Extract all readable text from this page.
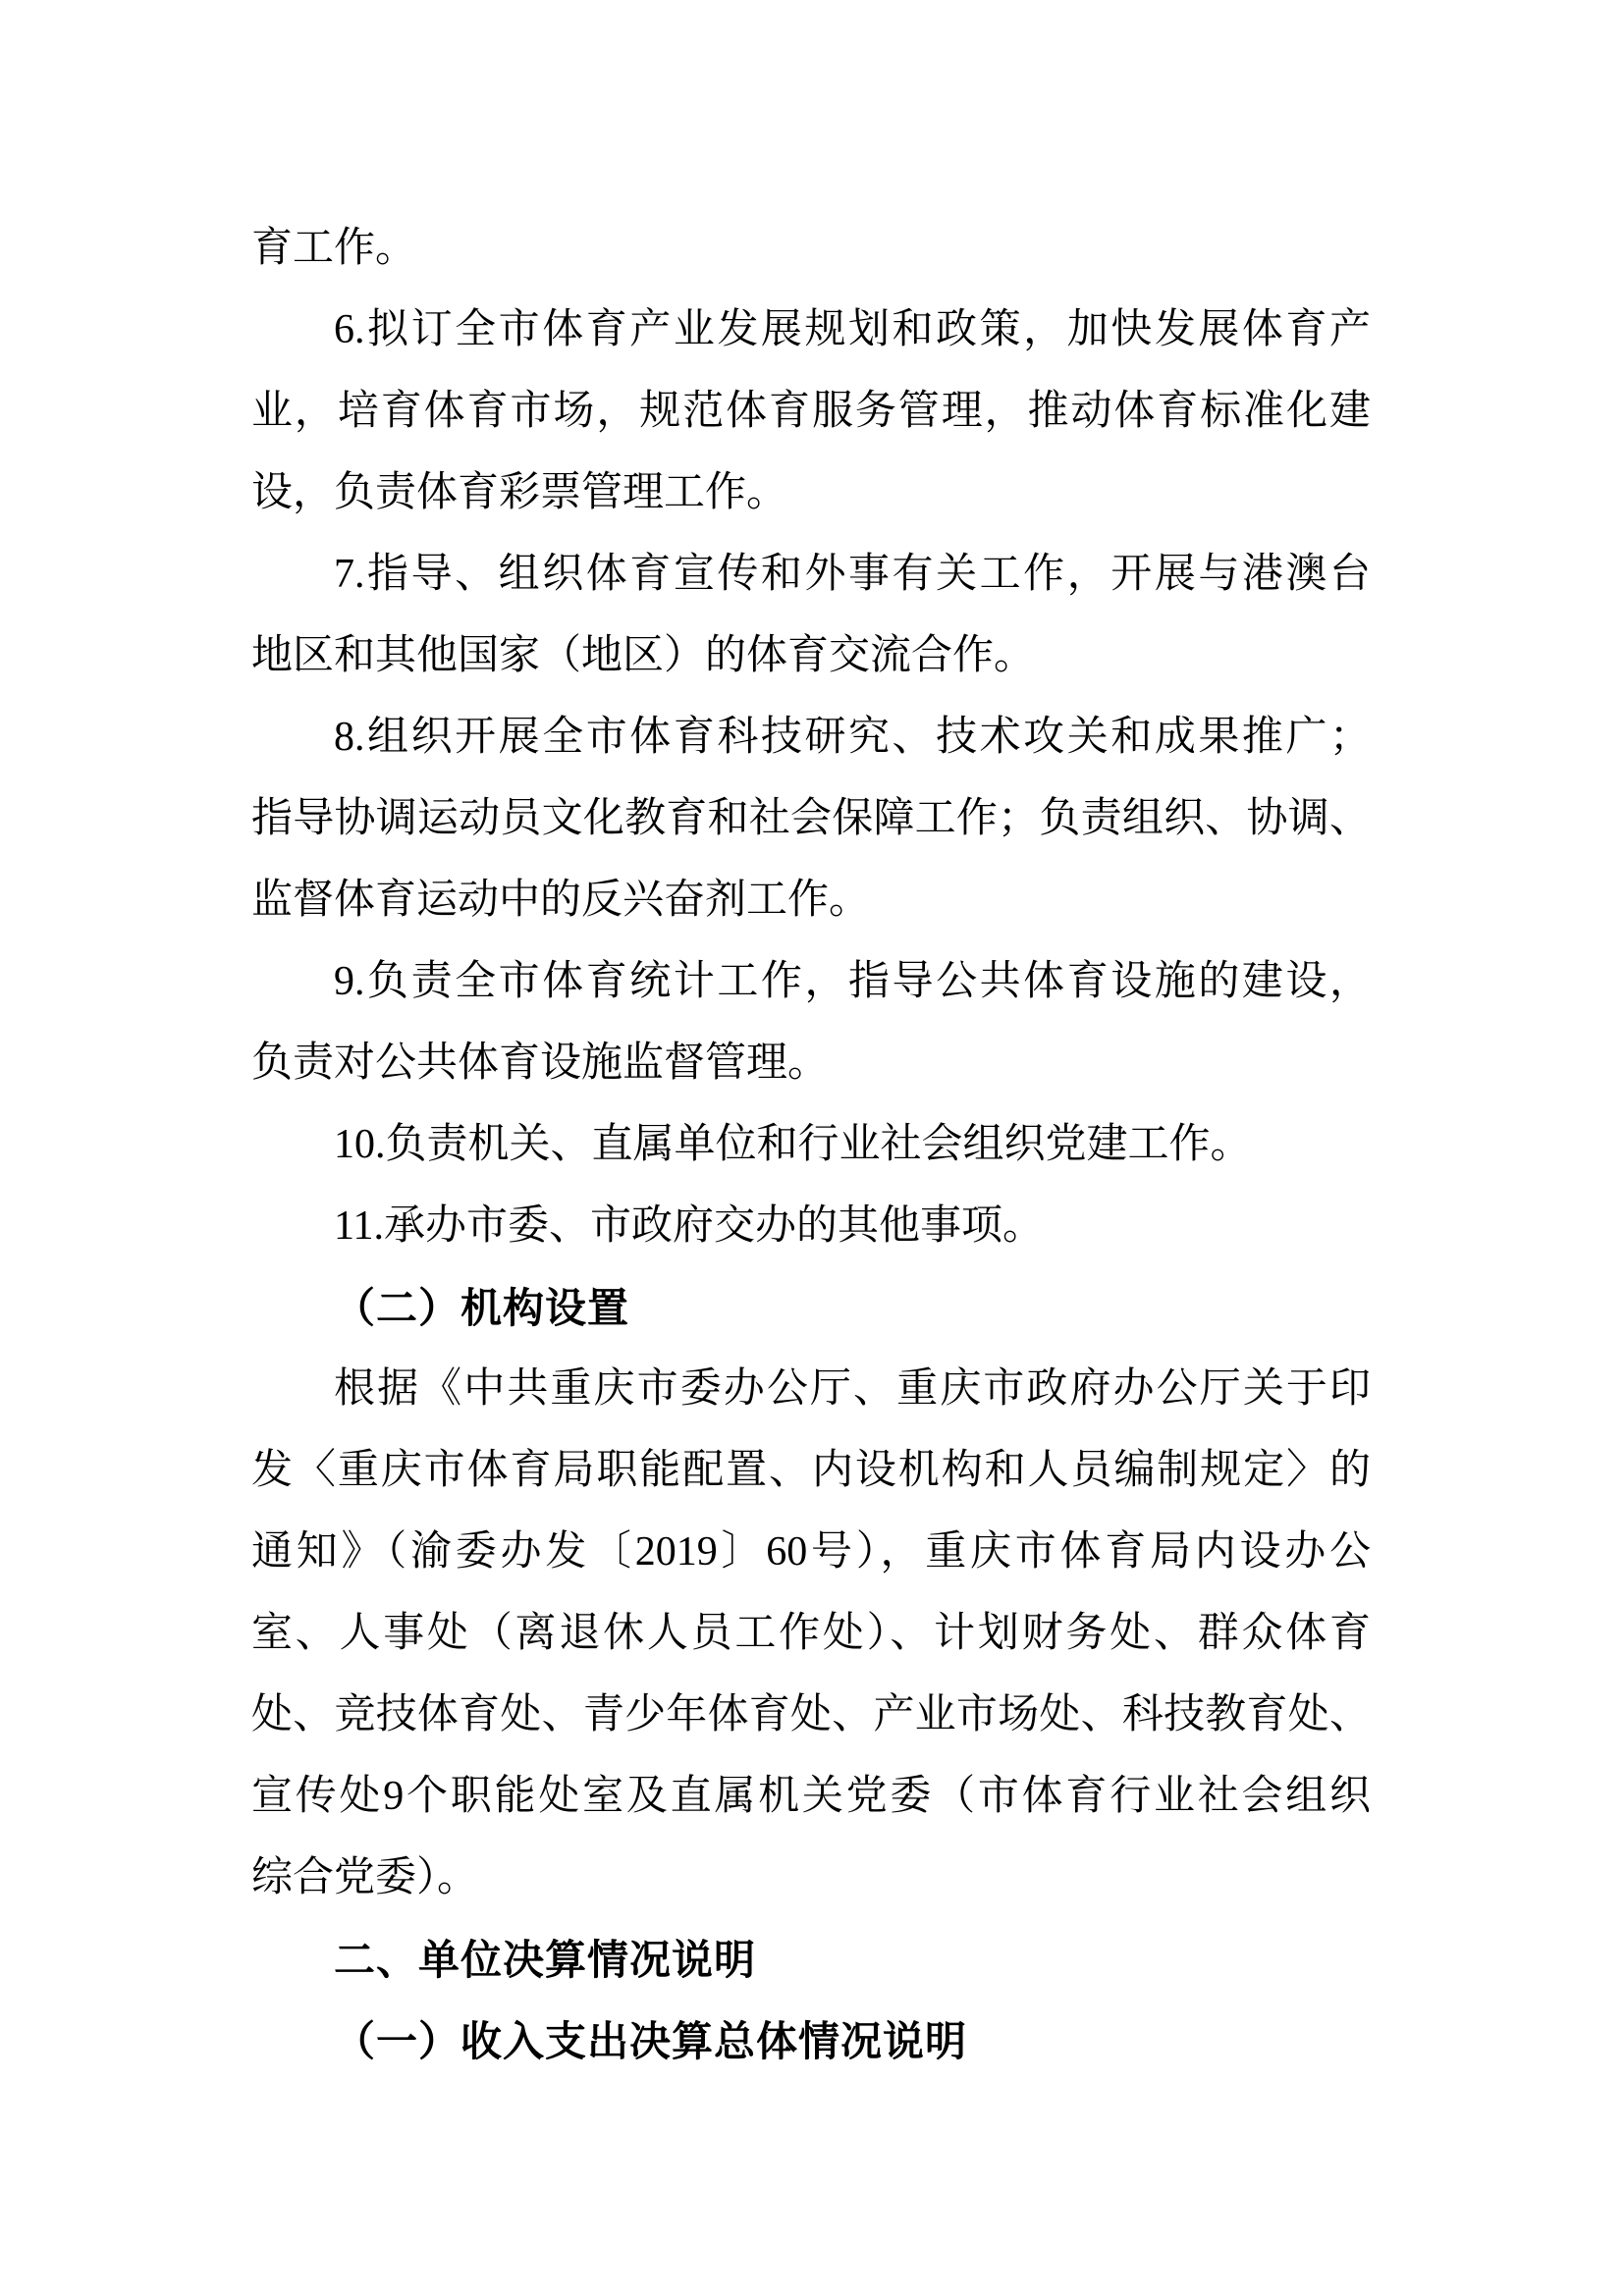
育工作。
6.拟订全市体育产业发展规划和政策，加快发展体育产
业，培育体育市场，规范体育服务管理，推动体育标准化建
设，负责体育彩票管理工作。
7.指导、组织体育宣传和外事有关工作，开展与港澳台
地区和其他国家（地区）的体育交流合作。
8.组织开展全市体育科技研究、技术攻关和成果推广；
指导协调运动员文化教育和社会保障工作；负责组织、协调、
监督体育运动中的反兴奋剂工作。
9.负责全市体育统计工作，指导公共体育设施的建设，
负责对公共体育设施监督管理。
10.负责机关、直属单位和行业社会组织党建工作。
11.承办市委、市政府交办的其他事项。
（二）机构设置
根据《中共重庆市委办公厅、重庆市政府办公厅关于印
发〈重庆市体育局职能配置、内设机构和人员编制规定〉的
通知》（渝委办发〔2019〕60号），重庆市体育局内设办公
室、人事处（离退休人员工作处）、计划财务处、群众体育
处、竞技体育处、青少年体育处、产业市场处、科技教育处、
宣传处9个职能处室及直属机关党委（市体育行业社会组织
综合党委）。
二、单位决算情况说明
（一）收入支出决算总体情况说明
